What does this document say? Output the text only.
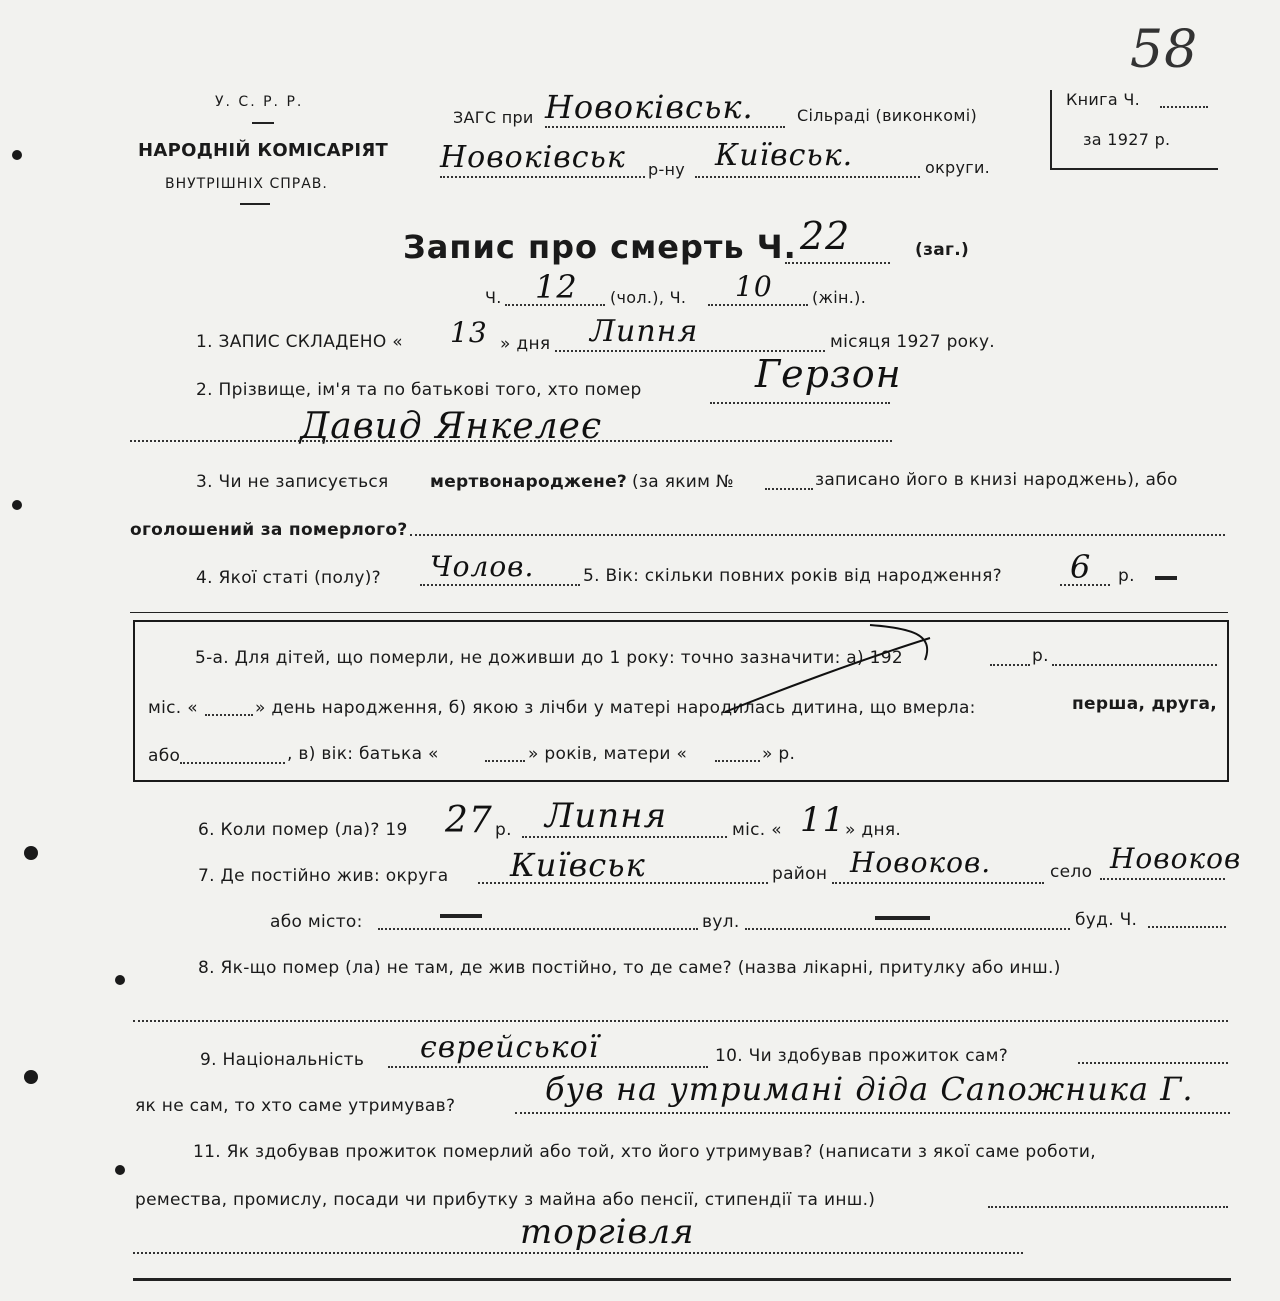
У. С. Р. Р.
НАРОДНІЙ КОМІСАРІЯТ
ВНУТРІШНІХ СПРАВ.
ЗАГС при Новоківськ.	Сільраді (виконкомі)
Новоківськ р-ну Київськ.	округи.
Книга Ч.
за 1927 р.
58
Запис про смерть Ч. 22	(заг.)
Ч. 12 (чол.), Ч. 10 (жін.).
1. ЗАПИС СКЛАДЕНО « 13 » дня Липня	місяця 1927 року.
2. Прізвище, ім'я та по батькові того, хто помер	Герзон
Давид Янкелеє
3. Чи не записується мертвонароджене? (за яким №	записано його в книзі народжень), або
оголошений за померлого?
4. Якої статі (полу)? Чолов.	5. Вік: скільки повних років від народження? 6 р.
5-а. Для дітей, що померли, не доживши до 1 року: точно зазначити: а) 192	р.
міс. «	» день народження, б) якою з лічби у матері народилась дитина, що вмерла:	перша, друга,
або	, в) вік: батька «	» років, матери «	» р.
6. Коли помер (ла)? 19 27 р. Липня	міс. « 11 » дня.
7. Де постійно жив: округа Київськ	район Новоков.	село Новоков
або місто:	вул.	буд. Ч.
8. Як-що помер (ла) не там, де жив постійно, то де саме? (назва лікарні, притулку або инш.)
9. Національність єврейської	10. Чи здобував прожиток сам?
як не сам, то хто саме утримував?	був на утримані діда Сапожника Г.
11. Як здобував прожиток померлий або той, хто його утримував? (написати з якої саме роботи,
ремества, промислу, посади чи прибутку з майна або пенсії, стипендії та инш.)
торгівля
